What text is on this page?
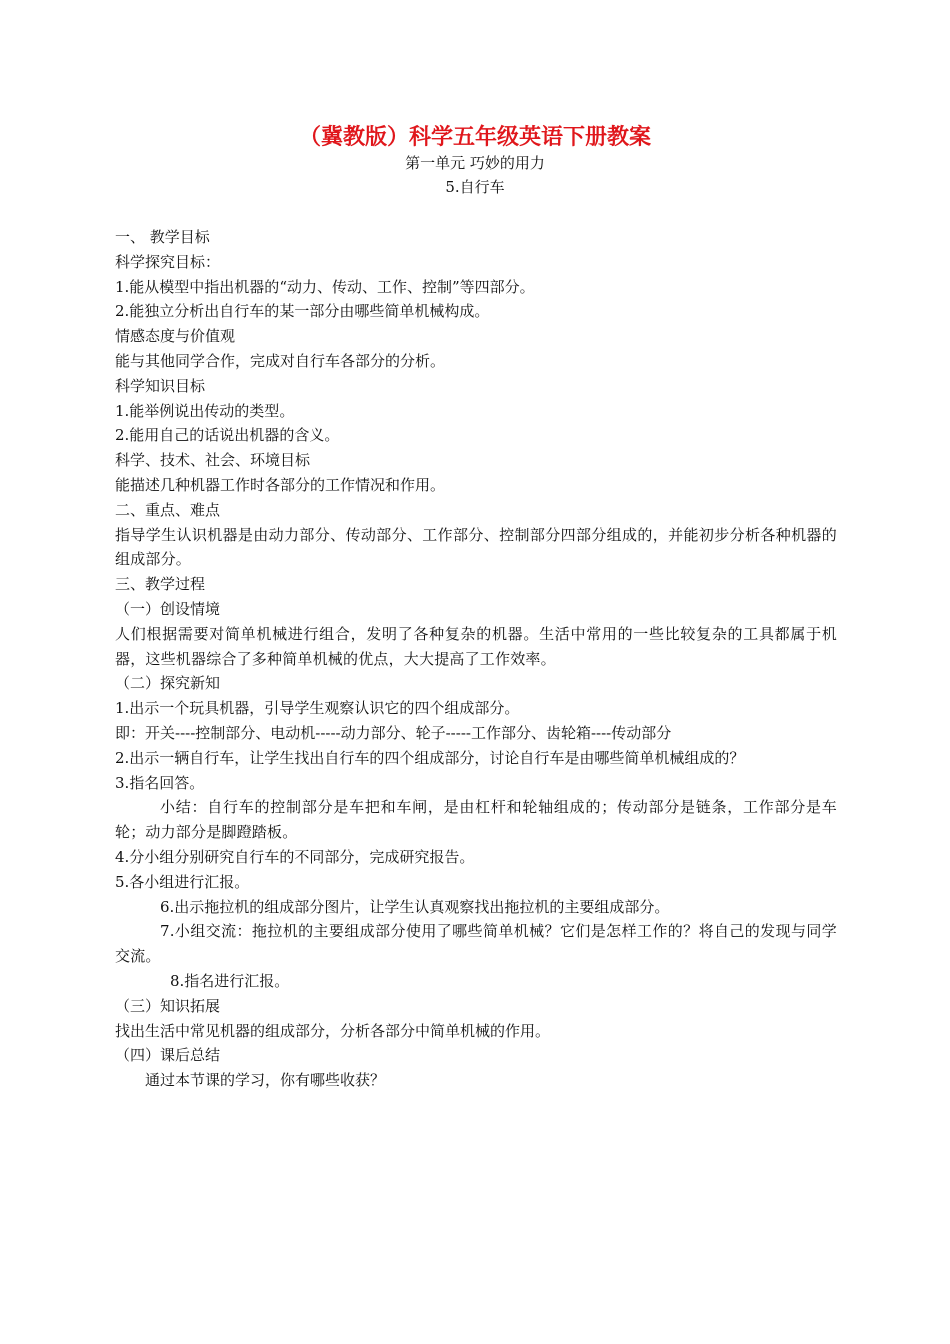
（冀教版）科学五年级英语下册教案
第一单元 巧妙的用力
5.自行车

一、 教学目标

科学探究目标：

1.能从模型中指出机器的“动力、传动、工作、控制”等四部分。

2.能独立分析出自行车的某一部分由哪些简单机械构成。

情感态度与价值观

能与其他同学合作，完成对自行车各部分的分析。

科学知识目标

1.能举例说出传动的类型。

2.能用自己的话说出机器的含义。

科学、技术、社会、环境目标

能描述几种机器工作时各部分的工作情况和作用。

二、重点、难点

指导学生认识机器是由动力部分、传动部分、工作部分、控制部分四部分组成的，并能初步分析各种机器的组成部分。

三、教学过程

（一）创设情境

人们根据需要对简单机械进行组合，发明了各种复杂的机器。生活中常用的一些比较复杂的工具都属于机器，这些机器综合了多种简单机械的优点，大大提高了工作效率。

（二）探究新知

1.出示一个玩具机器，引导学生观察认识它的四个组成部分。

即：开关----控制部分、电动机-----动力部分、轮子-----工作部分、齿轮箱----传动部分

2.出示一辆自行车，让学生找出自行车的四个组成部分，讨论自行车是由哪些简单机械组成的？

3.指名回答。

小结：自行车的控制部分是车把和车闸，是由杠杆和轮轴组成的；传动部分是链条，工作部分是车轮；动力部分是脚蹬踏板。

4.分小组分别研究自行车的不同部分，完成研究报告。

5.各小组进行汇报。

6.出示拖拉机的组成部分图片，让学生认真观察找出拖拉机的主要组成部分。

7.小组交流：拖拉机的主要组成部分使用了哪些简单机械？它们是怎样工作的？将自己的发现与同学交流。

8.指名进行汇报。

（三）知识拓展

找出生活中常见机器的组成部分，分析各部分中简单机械的作用。

（四）课后总结

通过本节课的学习，你有哪些收获？
